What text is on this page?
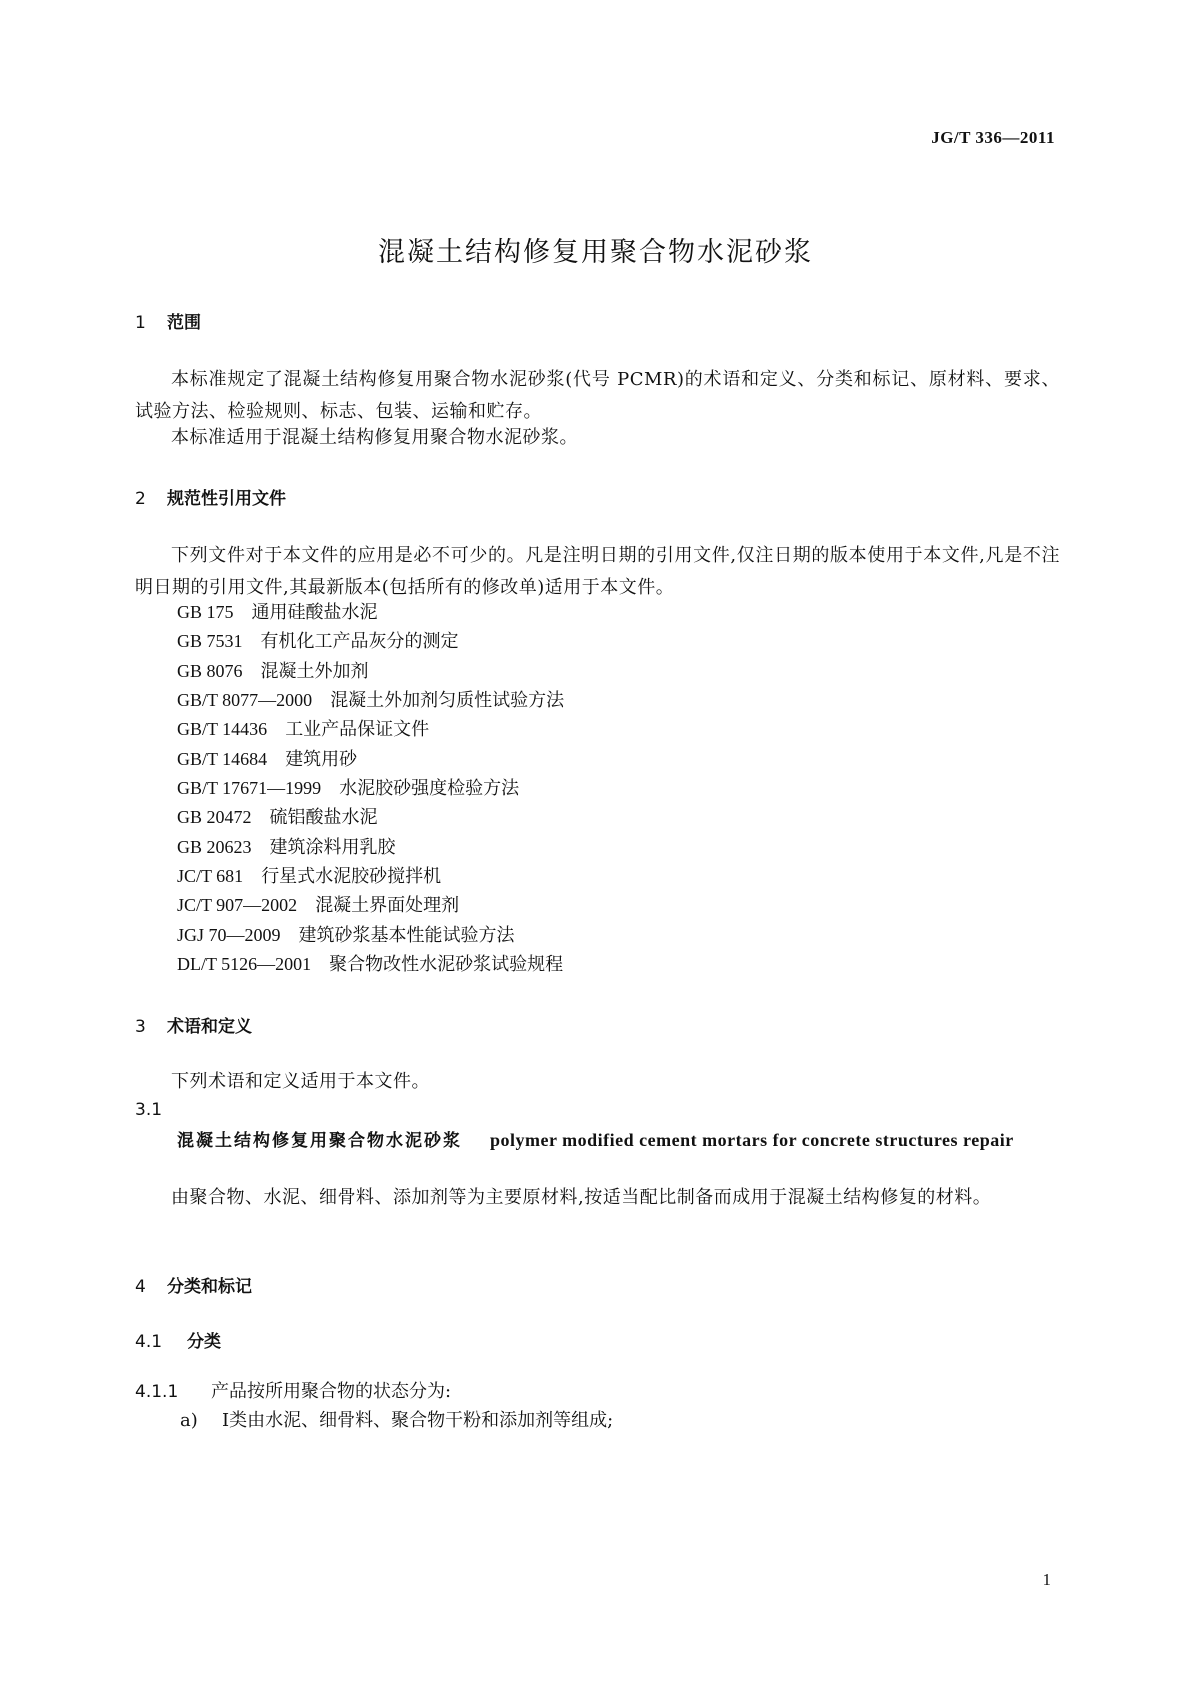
JG/T 336—2011
混凝土结构修复用聚合物水泥砂浆
1 范围
本标准规定了混凝土结构修复用聚合物水泥砂浆(代号 PCMR)的术语和定义、分类和标记、原材料、要求、试验方法、检验规则、标志、包装、运输和贮存。
本标准适用于混凝土结构修复用聚合物水泥砂浆。
2 规范性引用文件
下列文件对于本文件的应用是必不可少的。凡是注明日期的引用文件,仅注日期的版本使用于本文件,凡是不注明日期的引用文件,其最新版本(包括所有的修改单)适用于本文件。
GB 175 通用硅酸盐水泥
GB 7531 有机化工产品灰分的测定
GB 8076 混凝土外加剂
GB/T 8077—2000 混凝土外加剂匀质性试验方法
GB/T 14436 工业产品保证文件
GB/T 14684 建筑用砂
GB/T 17671—1999 水泥胶砂强度检验方法
GB 20472 硫铝酸盐水泥
GB 20623 建筑涂料用乳胶
JC/T 681 行星式水泥胶砂搅拌机
JC/T 907—2002 混凝土界面处理剂
JGJ 70—2009 建筑砂浆基本性能试验方法
DL/T 5126—2001 聚合物改性水泥砂浆试验规程
3 术语和定义
下列术语和定义适用于本文件。
3.1
混凝土结构修复用聚合物水泥砂浆 polymer modified cement mortars for concrete structures repair
由聚合物、水泥、细骨料、添加剂等为主要原材料,按适当配比制备而成用于混凝土结构修复的材料。
4 分类和标记
4.1 分类
4.1.1 产品按所用聚合物的状态分为:
a) Ⅰ类由水泥、细骨料、聚合物干粉和添加剂等组成;
1
